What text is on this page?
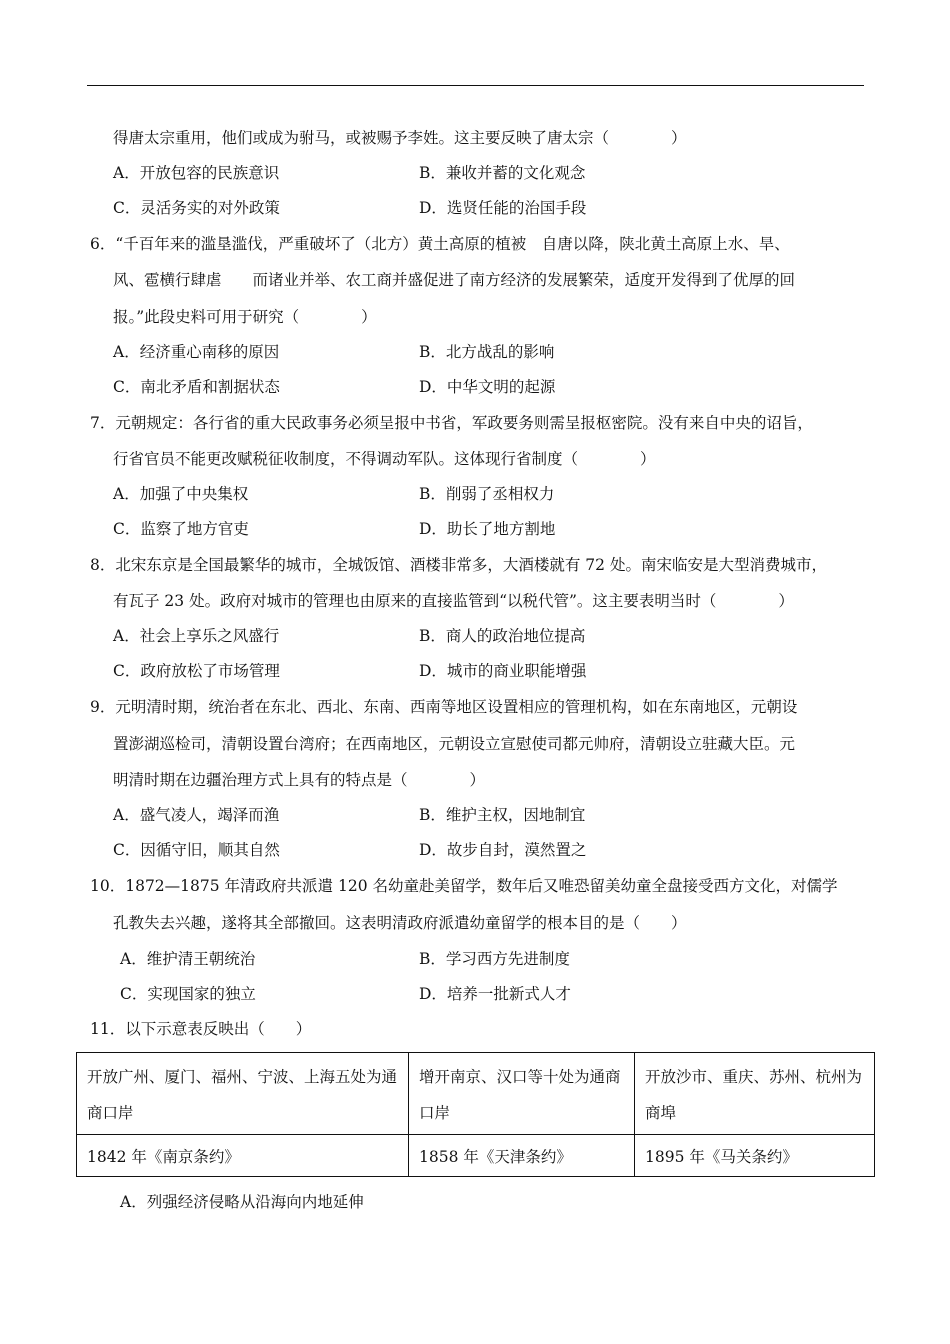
得唐太宗重用，他们或成为驸马，或被赐予李姓。这主要反映了唐太宗（　　　　）
A．开放包容的民族意识	B．兼收并蓄的文化观念
C．灵活务实的对外政策	D．选贤任能的治国手段
6．“千百年来的滥垦滥伐，严重破坏了（北方）黄土高原的植被　自唐以降，陕北黄土高原上水、旱、
风、雹横行肆虐　　而诸业并举、农工商并盛促进了南方经济的发展繁荣，适度开发得到了优厚的回
报。”此段史料可用于研究（　　　　）
A．经济重心南移的原因	B．北方战乱的影响
C．南北矛盾和割据状态	D．中华文明的起源
7．元朝规定：各行省的重大民政事务必须呈报中书省，军政要务则需呈报枢密院。没有来自中央的诏旨，
行省官员不能更改赋税征收制度，不得调动军队。这体现行省制度（　　　　）
A．加强了中央集权	B．削弱了丞相权力
C．监察了地方官吏	D．助长了地方割地
8．北宋东京是全国最繁华的城市，全城饭馆、酒楼非常多，大酒楼就有 72 处。南宋临安是大型消费城市，
有瓦子 23 处。政府对城市的管理也由原来的直接监管到“以税代管”。这主要表明当时（　　　　）
A．社会上享乐之风盛行	B．商人的政治地位提高
C．政府放松了市场管理	D．城市的商业职能增强
9．元明清时期，统治者在东北、西北、东南、西南等地区设置相应的管理机构，如在东南地区，元朝设
置澎湖巡检司，清朝设置台湾府；在西南地区，元朝设立宣慰使司都元帅府，清朝设立驻藏大臣。元
明清时期在边疆治理方式上具有的特点是（　　　　）
A．盛气凌人，竭泽而渔	B．维护主权，因地制宜
C．因循守旧，顺其自然	D．故步自封，漠然置之
10．1872—1875 年清政府共派遣 120 名幼童赴美留学，数年后又唯恐留美幼童全盘接受西方文化，对儒学
孔教失去兴趣，遂将其全部撤回。这表明清政府派遣幼童留学的根本目的是（　　）
A．维护清王朝统治	B．学习西方先进制度
C．实现国家的独立	D．培养一批新式人才
11．以下示意表反映出（　　）
开放广州、厦门、福州、宁波、上海五处为通商口岸	增开南京、汉口等十处为通商口岸	开放沙市、重庆、苏州、杭州为商埠
1842 年《南京条约》	1858 年《天津条约》	1895 年《马关条约》
A．列强经济侵略从沿海向内地延伸
